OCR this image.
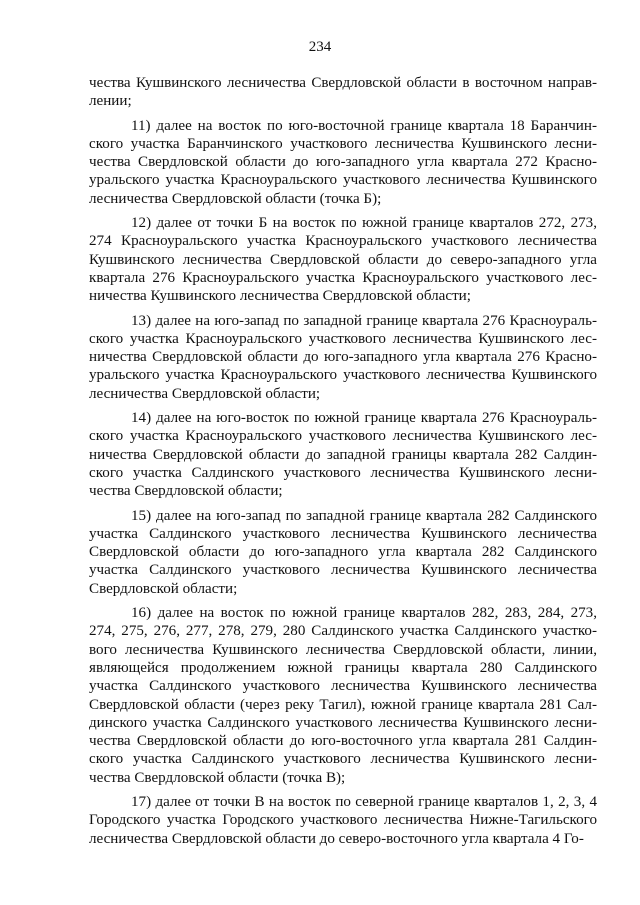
234

чества Кушвинского лесничества Свердловской области в восточном направлении;

11) далее на восток по юго-восточной границе квартала 18 Баранчинского участка Баранчинского участкового лесничества Кушвинского лесничества Свердловской области до юго-западного угла квартала 272 Красноуральского участка Красноуральского участкового лесничества Кушвинского лесничества Свердловской области (точка Б);

12) далее от точки Б на восток по южной границе кварталов 272, 273, 274 Красноуральского участка Красноуральского участкового лесничества Кушвинского лесничества Свердловской области до северо-западного угла квартала 276 Красноуральского участка Красноуральского участкового лесничества Кушвинского лесничества Свердловской области;

13) далее на юго-запад по западной границе квартала 276 Красноуральского участка Красноуральского участкового лесничества Кушвинского лесничества Свердловской области до юго-западного угла квартала 276 Красноуральского участка Красноуральского участкового лесничества Кушвинского лесничества Свердловской области;

14) далее на юго-восток по южной границе квартала 276 Красноуральского участка Красноуральского участкового лесничества Кушвинского лесничества Свердловской области до западной границы квартала 282 Салдинского участка Салдинского участкового лесничества Кушвинского лесничества Свердловской области;

15) далее на юго-запад по западной границе квартала 282 Салдинского участка Салдинского участкового лесничества Кушвинского лесничества Свердловской области до юго-западного угла квартала 282 Салдинского участка Салдинского участкового лесничества Кушвинского лесничества Свердловской области;

16) далее на восток по южной границе кварталов 282, 283, 284, 273, 274, 275, 276, 277, 278, 279, 280 Салдинского участка Салдинского участкового лесничества Кушвинского лесничества Свердловской области, линии, являющейся продолжением южной границы квартала 280 Салдинского участка Салдинского участкового лесничества Кушвинского лесничества Свердловской области (через реку Тагил), южной границе квартала 281 Салдинского участка Салдинского участкового лесничества Кушвинского лесничества Свердловской области до юго-восточного угла квартала 281 Салдинского участка Салдинского участкового лесничества Кушвинского лесничества Свердловской области (точка В);

17) далее от точки В на восток по северной границе кварталов 1, 2, 3, 4 Городского участка Городского участкового лесничества Нижне-Тагильского лесничества Свердловской области до северо-восточного угла квартала 4 Го-
